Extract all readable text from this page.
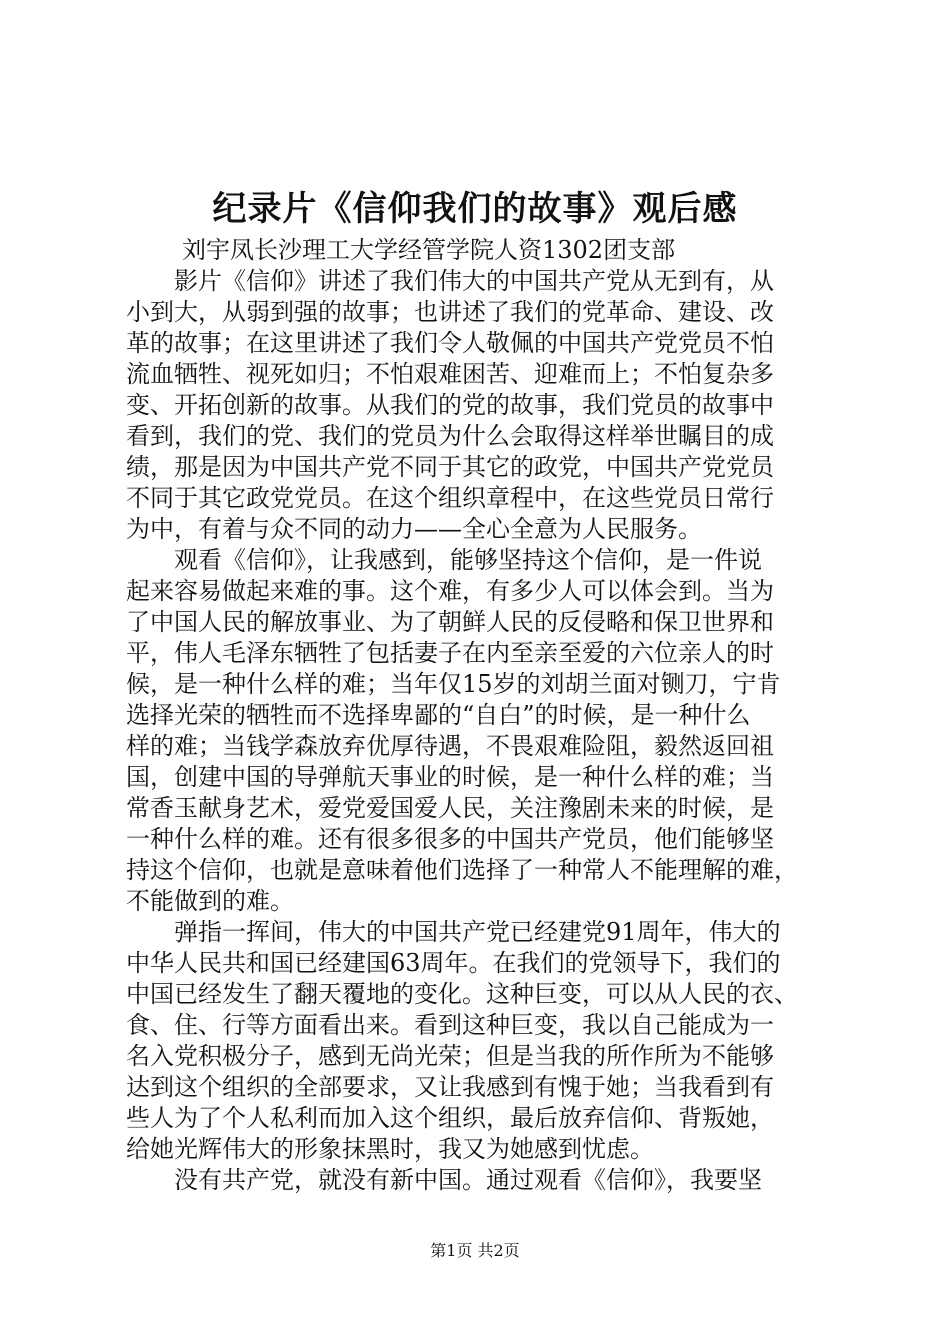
纪录片《信仰我们的故事》观后感
刘宇凤长沙理工大学经管学院人资1302团支部
　　影片《信仰》讲述了我们伟大的中国共产党从无到有，从
小到大，从弱到强的故事；也讲述了我们的党革命、建设、改
革的故事；在这里讲述了我们令人敬佩的中国共产党党员不怕
流血牺牲、视死如归；不怕艰难困苦、迎难而上；不怕复杂多
变、开拓创新的故事。从我们的党的故事，我们党员的故事中
看到，我们的党、我们的党员为什么会取得这样举世瞩目的成
绩，那是因为中国共产党不同于其它的政党，中国共产党党员
不同于其它政党党员。在这个组织章程中，在这些党员日常行
为中，有着与众不同的动力——全心全意为人民服务。
　　观看《信仰》，让我感到，能够坚持这个信仰，是一件说
起来容易做起来难的事。这个难，有多少人可以体会到。当为
了中国人民的解放事业、为了朝鲜人民的反侵略和保卫世界和
平，伟人毛泽东牺牲了包括妻子在内至亲至爱的六位亲人的时
候，是一种什么样的难；当年仅15岁的刘胡兰面对铡刀，宁肯
选择光荣的牺牲而不选择卑鄙的“自白”的时候，是一种什么
样的难；当钱学森放弃优厚待遇，不畏艰难险阻，毅然返回祖
国，创建中国的导弹航天事业的时候，是一种什么样的难；当
常香玉献身艺术，爱党爱国爱人民，关注豫剧未来的时候，是
一种什么样的难。还有很多很多的中国共产党员，他们能够坚
持这个信仰，也就是意味着他们选择了一种常人不能理解的难，
不能做到的难。
　　弹指一挥间，伟大的中国共产党已经建党91周年，伟大的
中华人民共和国已经建国63周年。在我们的党领导下，我们的
中国已经发生了翻天覆地的变化。这种巨变，可以从人民的衣、
食、住、行等方面看出来。看到这种巨变，我以自己能成为一
名入党积极分子，感到无尚光荣；但是当我的所作所为不能够
达到这个组织的全部要求，又让我感到有愧于她；当我看到有
些人为了个人私利而加入这个组织，最后放弃信仰、背叛她，
给她光辉伟大的形象抹黑时，我又为她感到忧虑。
　　没有共产党，就没有新中国。通过观看《信仰》，我要坚
第1页 共2页
